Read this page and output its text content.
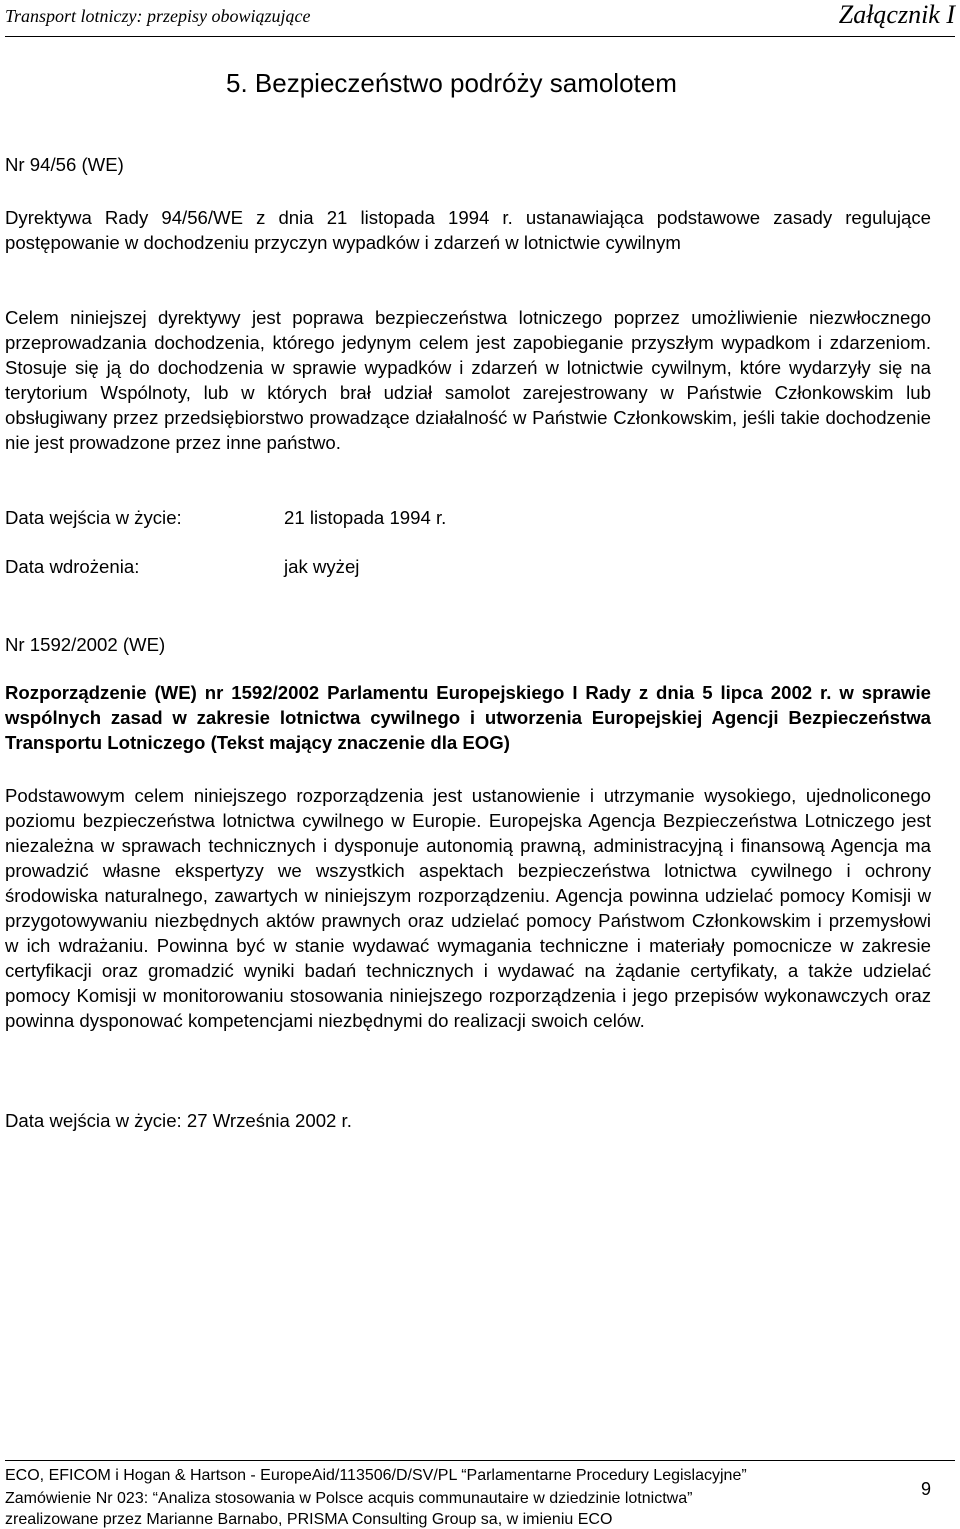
Transport lotniczy: przepisy obowiązujące	Załącznik I
5. Bezpieczeństwo podróży samolotem
Nr 94/56 (WE)
Dyrektywa Rady 94/56/WE z dnia 21 listopada 1994 r. ustanawiająca podstawowe zasady regulujące postępowanie w dochodzeniu przyczyn wypadków i zdarzeń w lotnictwie cywilnym
Celem niniejszej dyrektywy jest poprawa bezpieczeństwa lotniczego poprzez umożliwienie niezwłocznego przeprowadzania dochodzenia, którego jedynym celem jest zapobieganie przyszłym wypadkom i zdarzeniom. Stosuje się ją do dochodzenia w sprawie wypadków i zdarzeń w lotnictwie cywilnym, które wydarzyły się na terytorium Wspólnoty, lub w których brał udział samolot zarejestrowany w Państwie Członkowskim lub obsługiwany przez przedsiębiorstwo prowadzące działalność w Państwie Członkowskim, jeśli takie dochodzenie nie jest prowadzone przez inne państwo.
Data wejścia w życie:	21 listopada 1994 r.
Data wdrożenia:	jak wyżej
Nr 1592/2002 (WE)
Rozporządzenie (WE) nr 1592/2002 Parlamentu Europejskiego I Rady z dnia 5 lipca 2002 r. w sprawie wspólnych zasad w zakresie lotnictwa cywilnego i utworzenia Europejskiej Agencji Bezpieczeństwa Transportu Lotniczego (Tekst mający znaczenie dla EOG)
Podstawowym celem niniejszego rozporządzenia jest ustanowienie i utrzymanie wysokiego, ujednoliconego poziomu bezpieczeństwa lotnictwa cywilnego w Europie. Europejska Agencja Bezpieczeństwa Lotniczego jest niezależna w sprawach technicznych i dysponuje autonomią prawną, administracyjną i finansową Agencja ma prowadzić własne ekspertyzy we wszystkich aspektach bezpieczeństwa lotnictwa cywilnego i ochrony środowiska naturalnego, zawartych w niniejszym rozporządzeniu. Agencja powinna udzielać pomocy Komisji w przygotowywaniu niezbędnych aktów prawnych oraz udzielać pomocy Państwom Członkowskim i przemysłowi w ich wdrażaniu. Powinna być w stanie wydawać wymagania techniczne i materiały pomocnicze w zakresie certyfikacji oraz gromadzić wyniki badań technicznych i wydawać na żądanie certyfikaty, a także udzielać pomocy Komisji w monitorowaniu stosowania niniejszego rozporządzenia i jego przepisów wykonawczych oraz powinna dysponować kompetencjami niezbędnymi do realizacji swoich celów.
Data wejścia w życie: 27 Września 2002 r.
ECO, EFICOM i Hogan & Hartson - EuropeAid/113506/D/SV/PL “Parlamentarne Procedury Legislacyjne”
Zamówienie Nr 023: “Analiza stosowania w Polsce acquis communautaire w dziedzinie lotnictwa”
zrealizowane przez Marianne Barnabo, PRISMA Consulting Group sa, w imieniu ECO
9
